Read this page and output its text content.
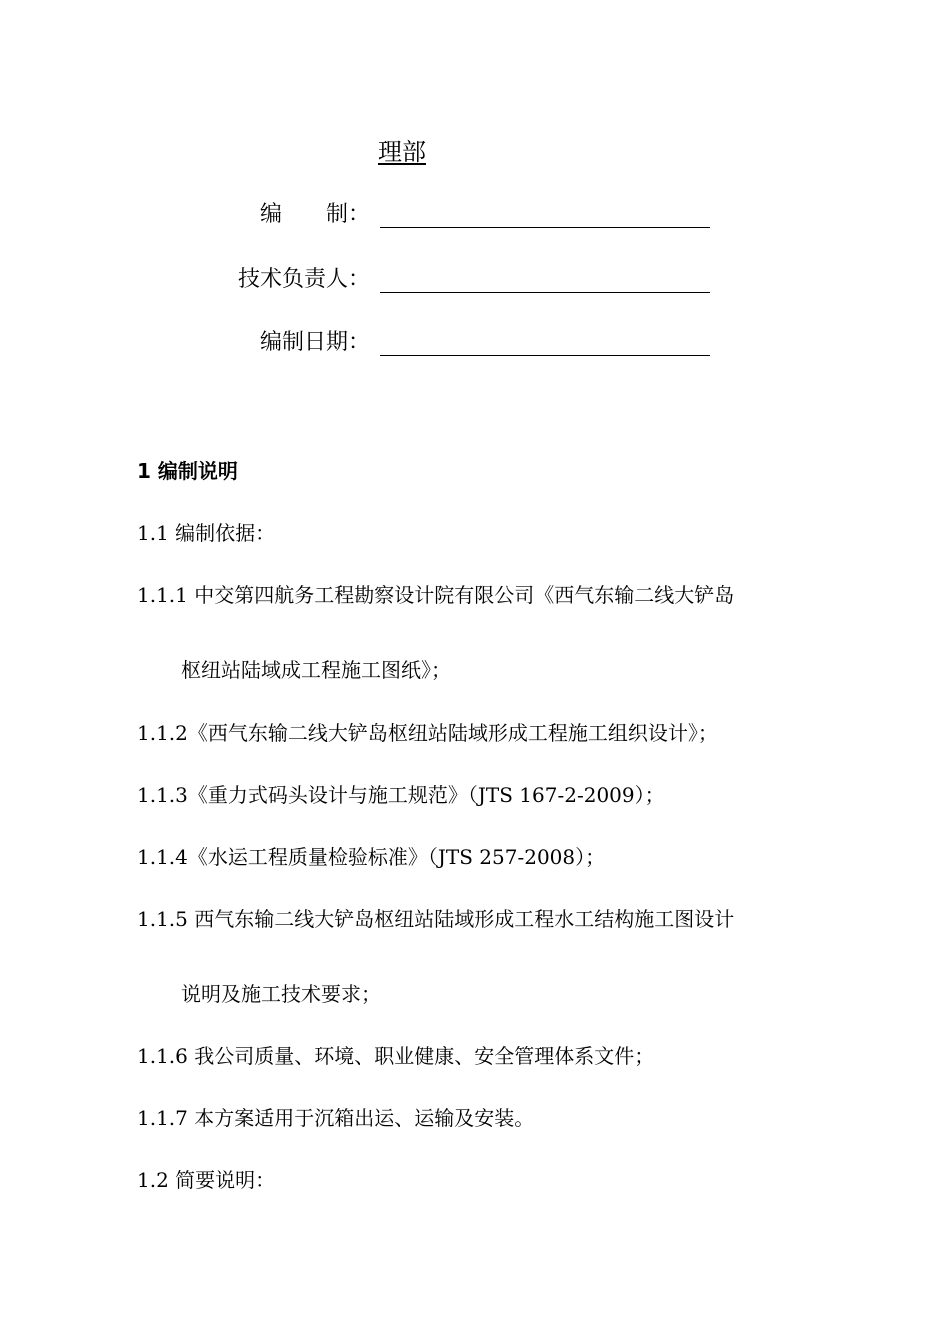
理部
编　　制：
技术负责人：
编制日期：
1 编制说明
1.1 编制依据：
1.1.1 中交第四航务工程勘察设计院有限公司《西气东输二线大铲岛
枢纽站陆域成工程施工图纸》；
1.1.2《西气东输二线大铲岛枢纽站陆域形成工程施工组织设计》；
1.1.3《重力式码头设计与施工规范》（JTS 167-2-2009）；
1.1.4《水运工程质量检验标准》（JTS 257-2008）；
1.1.5 西气东输二线大铲岛枢纽站陆域形成工程水工结构施工图设计
说明及施工技术要求；
1.1.6 我公司质量、环境、职业健康、安全管理体系文件；
1.1.7 本方案适用于沉箱出运、运输及安装。
1.2 简要说明：
